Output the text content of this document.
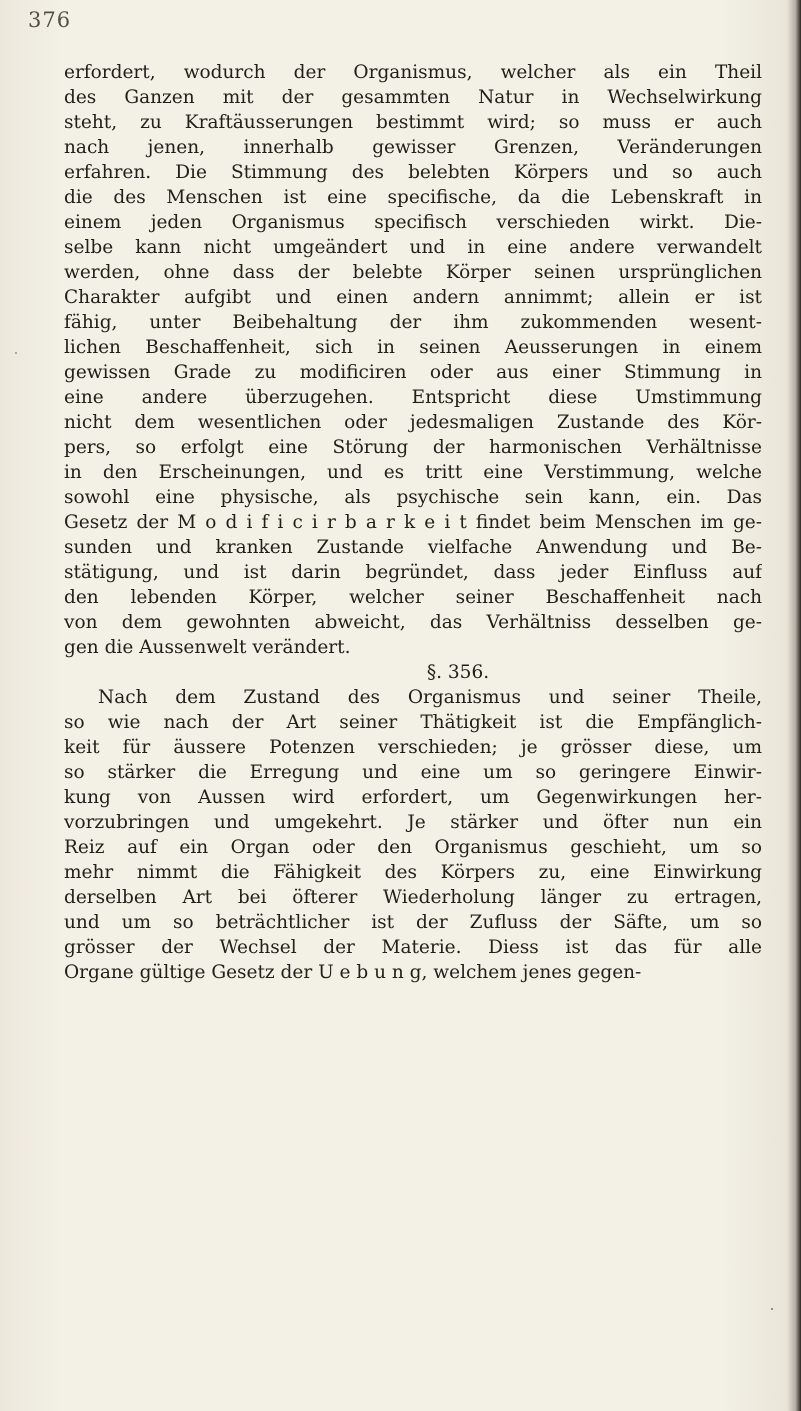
376
erfordert, wodurch der Organismus, welcher als ein Theil
des Ganzen mit der gesammten Natur in Wechselwirkung
steht, zu Kraftäusserungen bestimmt wird; so muss er auch
nach jenen, innerhalb gewisser Grenzen, Veränderungen
erfahren. Die Stimmung des belebten Körpers und so auch
die des Menschen ist eine specifische, da die Lebenskraft in
einem jeden Organismus specifisch verschieden wirkt. Die-
selbe kann nicht umgeändert und in eine andere verwandelt
werden, ohne dass der belebte Körper seinen ursprünglichen
Charakter aufgibt und einen andern annimmt; allein er ist
fähig, unter Beibehaltung der ihm zukommenden wesent-
lichen Beschaffenheit, sich in seinen Aeusserungen in einem
gewissen Grade zu modificiren oder aus einer Stimmung in
eine andere überzugehen. Entspricht diese Umstimmung
nicht dem wesentlichen oder jedesmaligen Zustande des Kör-
pers, so erfolgt eine Störung der harmonischen Verhältnisse
in den Erscheinungen, und es tritt eine Verstimmung, welche
sowohl eine physische, als psychische sein kann, ein. Das
Gesetz der M o d i f i c i r b a r k e i t findet beim Menschen im ge-
sunden und kranken Zustande vielfache Anwendung und Be-
stätigung, und ist darin begründet, dass jeder Einfluss auf
den lebenden Körper, welcher seiner Beschaffenheit nach
von dem gewohnten abweicht, das Verhältniss desselben ge-
gen die Aussenwelt verändert.
§. 356.
Nach dem Zustand des Organismus und seiner Theile,
so wie nach der Art seiner Thätigkeit ist die Empfänglich-
keit für äussere Potenzen verschieden; je grösser diese, um
so stärker die Erregung und eine um so geringere Einwir-
kung von Aussen wird erfordert, um Gegenwirkungen her-
vorzubringen und umgekehrt. Je stärker und öfter nun ein
Reiz auf ein Organ oder den Organismus geschieht, um so
mehr nimmt die Fähigkeit des Körpers zu, eine Einwirkung
derselben Art bei öfterer Wiederholung länger zu ertragen,
und um so beträchtlicher ist der Zufluss der Säfte, um so
grösser der Wechsel der Materie. Diess ist das für alle
Organe gültige Gesetz der U e b u n g, welchem jenes gegen-
